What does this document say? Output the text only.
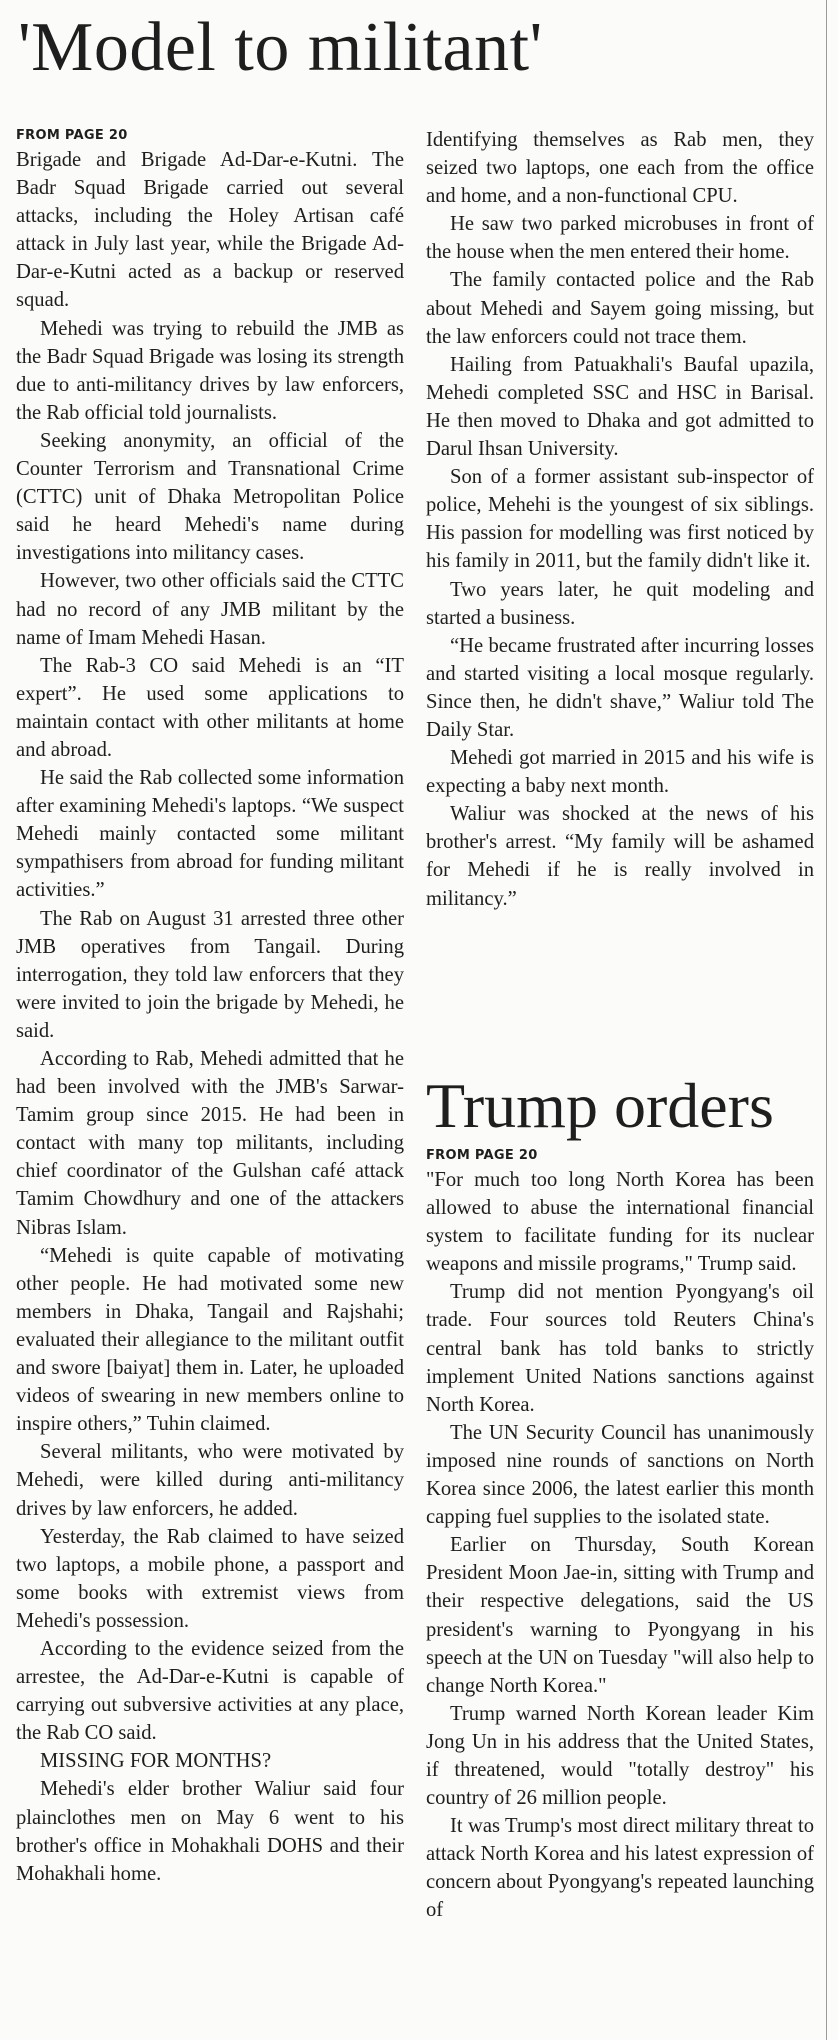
'Model to militant'

FROM PAGE 20

Brigade and Brigade Ad-Dar-e-Kutni. The Badr Squad Brigade carried out several attacks, including the Holey Artisan café attack in July last year, while the Brigade Ad-Dar-e-Kutni acted as a backup or reserved squad.

Mehedi was trying to rebuild the JMB as the Badr Squad Brigade was losing its strength due to anti-militancy drives by law enforcers, the Rab official told journalists.

Seeking anonymity, an official of the Counter Terrorism and Transnational Crime (CTTC) unit of Dhaka Metropolitan Police said he heard Mehedi's name during investigations into militancy cases.

However, two other officials said the CTTC had no record of any JMB militant by the name of Imam Mehedi Hasan.

The Rab-3 CO said Mehedi is an “IT expert”. He used some applications to maintain contact with other militants at home and abroad.

He said the Rab collected some information after examining Mehedi's laptops. “We suspect Mehedi mainly contacted some militant sympathisers from abroad for funding militant activities.”

The Rab on August 31 arrested three other JMB operatives from Tangail. During interrogation, they told law enforcers that they were invited to join the brigade by Mehedi, he said.

According to Rab, Mehedi admitted that he had been involved with the JMB's Sarwar-Tamim group since 2015. He had been in contact with many top militants, including chief coordinator of the Gulshan café attack Tamim Chowdhury and one of the attackers Nibras Islam.

“Mehedi is quite capable of motivating other people. He had motivated some new members in Dhaka, Tangail and Rajshahi; evaluated their allegiance to the militant outfit and swore [baiyat] them in. Later, he uploaded videos of swearing in new members online to inspire others,” Tuhin claimed.

Several militants, who were motivated by Mehedi, were killed during anti-militancy drives by law enforcers, he added.

Yesterday, the Rab claimed to have seized two laptops, a mobile phone, a passport and some books with extremist views from Mehedi's possession.

According to the evidence seized from the arrestee, the Ad-Dar-e-Kutni is capable of carrying out subversive activities at any place, the Rab CO said.

MISSING FOR MONTHS?

Mehedi's elder brother Waliur said four plainclothes men on May 6 went to his brother's office in Mohakhali DOHS and their Mohakhali home.

Identifying themselves as Rab men, they seized two laptops, one each from the office and home, and a non-functional CPU.

He saw two parked microbuses in front of the house when the men entered their home.

The family contacted police and the Rab about Mehedi and Sayem going missing, but the law enforcers could not trace them.

Hailing from Patuakhali's Baufal upazila, Mehedi completed SSC and HSC in Barisal. He then moved to Dhaka and got admitted to Darul Ihsan University.

Son of a former assistant sub-inspector of police, Mehehi is the youngest of six siblings. His passion for modelling was first noticed by his family in 2011, but the family didn't like it.

Two years later, he quit modeling and started a business.

“He became frustrated after incurring losses and started visiting a local mosque regularly. Since then, he didn't shave,” Waliur told The Daily Star.

Mehedi got married in 2015 and his wife is expecting a baby next month.

Waliur was shocked at the news of his brother's arrest. “My family will be ashamed for Mehedi if he is really involved in militancy.”

Trump orders

FROM PAGE 20

"For much too long North Korea has been allowed to abuse the international financial system to facilitate funding for its nuclear weapons and missile programs," Trump said.

Trump did not mention Pyongyang's oil trade. Four sources told Reuters China's central bank has told banks to strictly implement United Nations sanctions against North Korea.

The UN Security Council has unanimously imposed nine rounds of sanctions on North Korea since 2006, the latest earlier this month capping fuel supplies to the isolated state.

Earlier on Thursday, South Korean President Moon Jae-in, sitting with Trump and their respective delegations, said the US president's warning to Pyongyang in his speech at the UN on Tuesday "will also help to change North Korea."

Trump warned North Korean leader Kim Jong Un in his address that the United States, if threatened, would "totally destroy" his country of 26 million people.

It was Trump's most direct military threat to attack North Korea and his latest expression of concern about Pyongyang's repeated launching of
